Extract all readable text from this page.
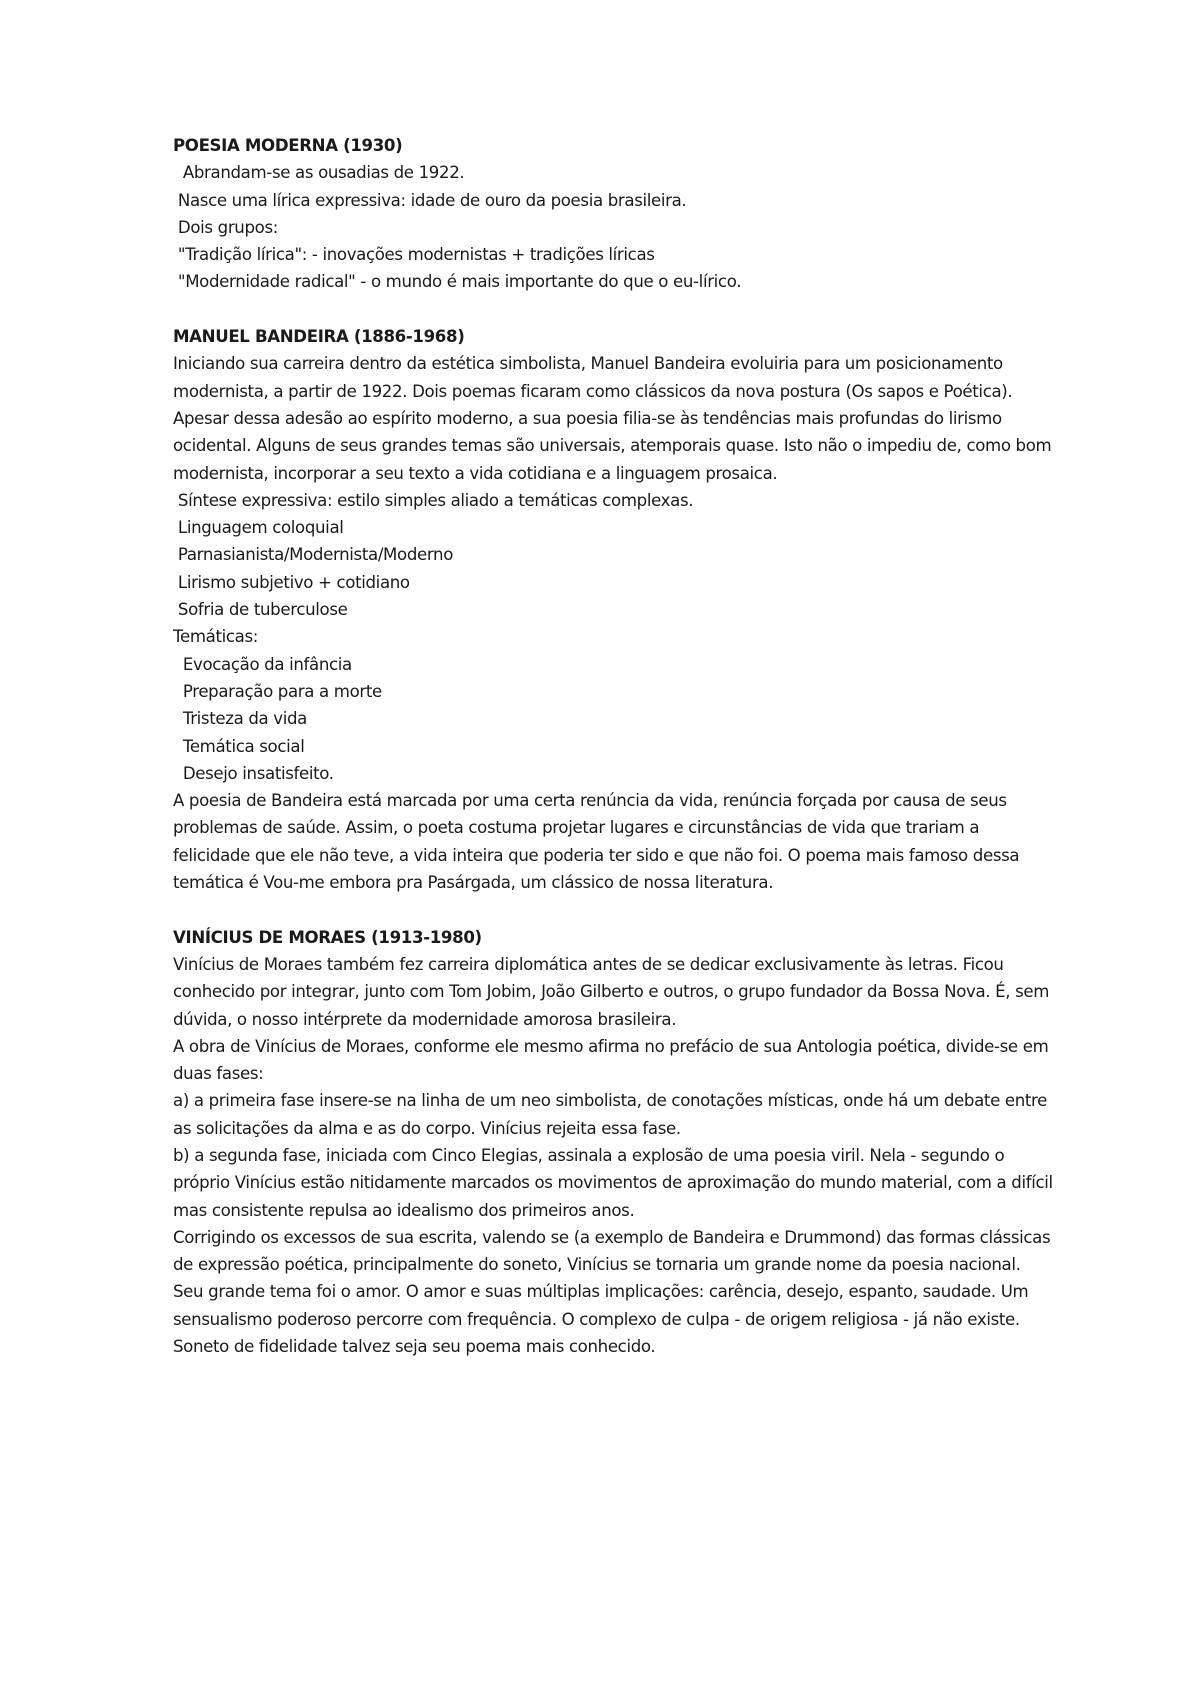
POESIA MODERNA (1930)
Abrandam-se as ousadias de 1922.
Nasce uma lírica expressiva: idade de ouro da poesia brasileira.
Dois grupos:
"Tradição lírica": - inovações modernistas + tradições líricas
"Modernidade radical" - o mundo é mais importante do que o eu-lírico.
MANUEL BANDEIRA (1886-1968)
Iniciando sua carreira dentro da estética simbolista, Manuel Bandeira evoluiria para um posicionamento modernista, a partir de 1922. Dois poemas ficaram como clássicos da nova postura (Os sapos e Poética). Apesar dessa adesão ao espírito moderno, a sua poesia filia-se às tendências mais profundas do lirismo ocidental. Alguns de seus grandes temas são universais, atemporais quase. Isto não o impediu de, como bom modernista, incorporar a seu texto a vida cotidiana e a linguagem prosaica.
Síntese expressiva: estilo simples aliado a temáticas complexas.
Linguagem coloquial
Parnasianista/Modernista/Moderno
Lirismo subjetivo + cotidiano
Sofria de tuberculose
Temáticas:
Evocação da infância
Preparação para a morte
Tristeza da vida
Temática social
Desejo insatisfeito.
A poesia de Bandeira está marcada por uma certa renúncia da vida, renúncia forçada por causa de seus problemas de saúde. Assim, o poeta costuma projetar lugares e circunstâncias de vida que trariam a felicidade que ele não teve, a vida inteira que poderia ter sido e que não foi. O poema mais famoso dessa temática é Vou-me embora pra Pasárgada, um clássico de nossa literatura.
VINÍCIUS DE MORAES (1913-1980)
Vinícius de Moraes também fez carreira diplomática antes de se dedicar exclusivamente às letras. Ficou conhecido por integrar, junto com Tom Jobim, João Gilberto e outros, o grupo fundador da Bossa Nova. É, sem dúvida, o nosso intérprete da modernidade amorosa brasileira.
A obra de Vinícius de Moraes, conforme ele mesmo afirma no prefácio de sua Antologia poética, divide-se em duas fases:
a) a primeira fase insere-se na linha de um neo simbolista, de conotações místicas, onde há um debate entre as solicitações da alma e as do corpo. Vinícius rejeita essa fase.
b) a segunda fase, iniciada com Cinco Elegias, assinala a explosão de uma poesia viril. Nela - segundo o próprio Vinícius estão nitidamente marcados os movimentos de aproximação do mundo material, com a difícil mas consistente repulsa ao idealismo dos primeiros anos.
Corrigindo os excessos de sua escrita, valendo se (a exemplo de Bandeira e Drummond) das formas clássicas de expressão poética, principalmente do soneto, Vinícius se tornaria um grande nome da poesia nacional. Seu grande tema foi o amor. O amor e suas múltiplas implicações: carência, desejo, espanto, saudade. Um sensualismo poderoso percorre com frequência. O complexo de culpa - de origem religiosa - já não existe. Soneto de fidelidade talvez seja seu poema mais conhecido.
